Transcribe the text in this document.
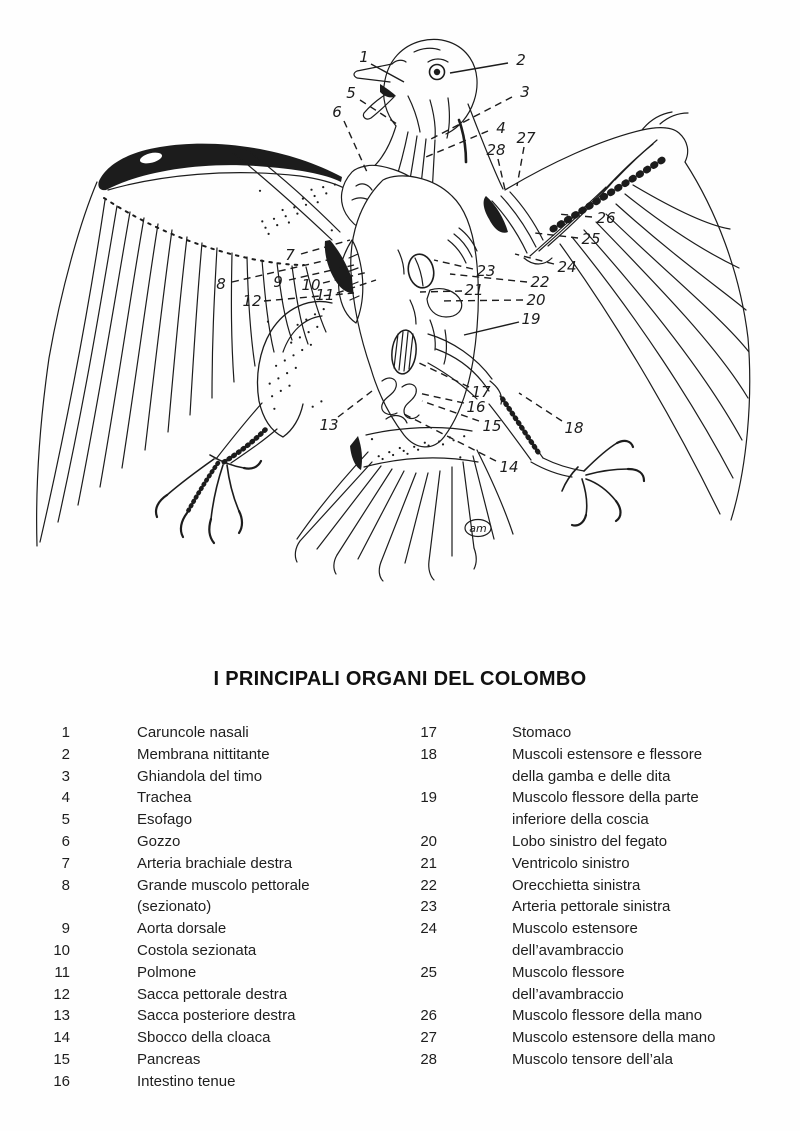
am
1	2
3
4
5
6
7
8	9 10
11
12
13
14
15
16
17
18
19
20
21	22
23	24
25
26
27
28
I PRINCIPALI ORGANI DEL COLOMBO
1	Caruncole nasali
2	Membrana nittitante
3	Ghiandola del timo
4	Trachea
5	Esofago
6	Gozzo
7	Arteria brachiale destra
8	Grande muscolo pettorale
(sezionato)
9	Aorta dorsale
10	Costola sezionata
11	Polmone
12	Sacca pettorale destra
13	Sacca posteriore destra
14	Sbocco della cloaca
15	Pancreas
16	Intestino tenue
17	Stomaco
18	Muscoli estensore e flessore
della gamba e delle dita
19	Muscolo flessore della parte
inferiore della coscia
20	Lobo sinistro del fegato
21	Ventricolo sinistro
22	Orecchietta sinistra
23	Arteria pettorale sinistra
24	Muscolo estensore
dell’avambraccio
25	Muscolo flessore
dell’avambraccio
26	Muscolo flessore della mano
27	Muscolo estensore della mano
28	Muscolo tensore dell’ala
